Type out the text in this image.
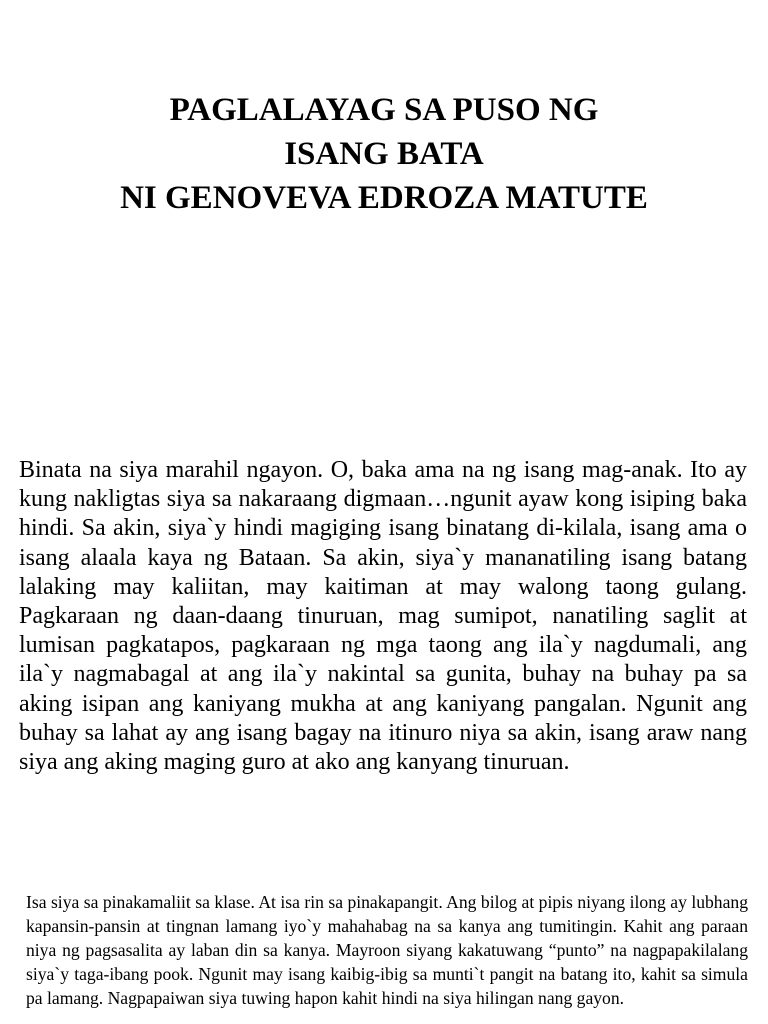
PAGLALAYAG SA PUSO NG
ISANG BATA
NI GENOVEVA EDROZA MATUTE

Binata na siya marahil ngayon. O, baka ama na ng isang mag-anak. Ito ay kung nakligtas siya sa nakaraang digmaan…ngunit ayaw kong isiping baka hindi. Sa akin, siya`y hindi magiging isang binatang di-kilala, isang ama o isang alaala kaya ng Bataan. Sa akin, siya`y mananatiling isang batang lalaking may kaliitan, may kaitiman at may walong taong gulang. Pagkaraan ng daan-daang tinuruan, mag sumipot, nanatiling saglit at lumisan pagkatapos, pagkaraan ng mga taong ang ila`y nagdumali, ang ila`y nagmabagal at ang ila`y nakintal sa gunita, buhay na buhay pa sa aking isipan ang kaniyang mukha at ang kaniyang pangalan. Ngunit ang buhay sa lahat ay ang isang bagay na itinuro niya sa akin, isang araw nang siya ang aking maging guro at ako ang kanyang tinuruan.

Isa siya sa pinakamaliit sa klase. At isa rin sa pinakapangit. Ang bilog at pipis niyang ilong ay lubhang kapansin-pansin at tingnan lamang iyo`y mahahabag na sa kanya ang tumitingin. Kahit ang paraan niya ng pagsasalita ay laban din sa kanya. Mayroon siyang kakatuwang “punto” na nagpapakilalang siya`y taga-ibang pook. Ngunit may isang kaibig-ibig sa munti`t pangit na batang ito, kahit sa simula pa lamang. Nagpapaiwan siya tuwing hapon kahit hindi na siya hilingan nang gayon.
